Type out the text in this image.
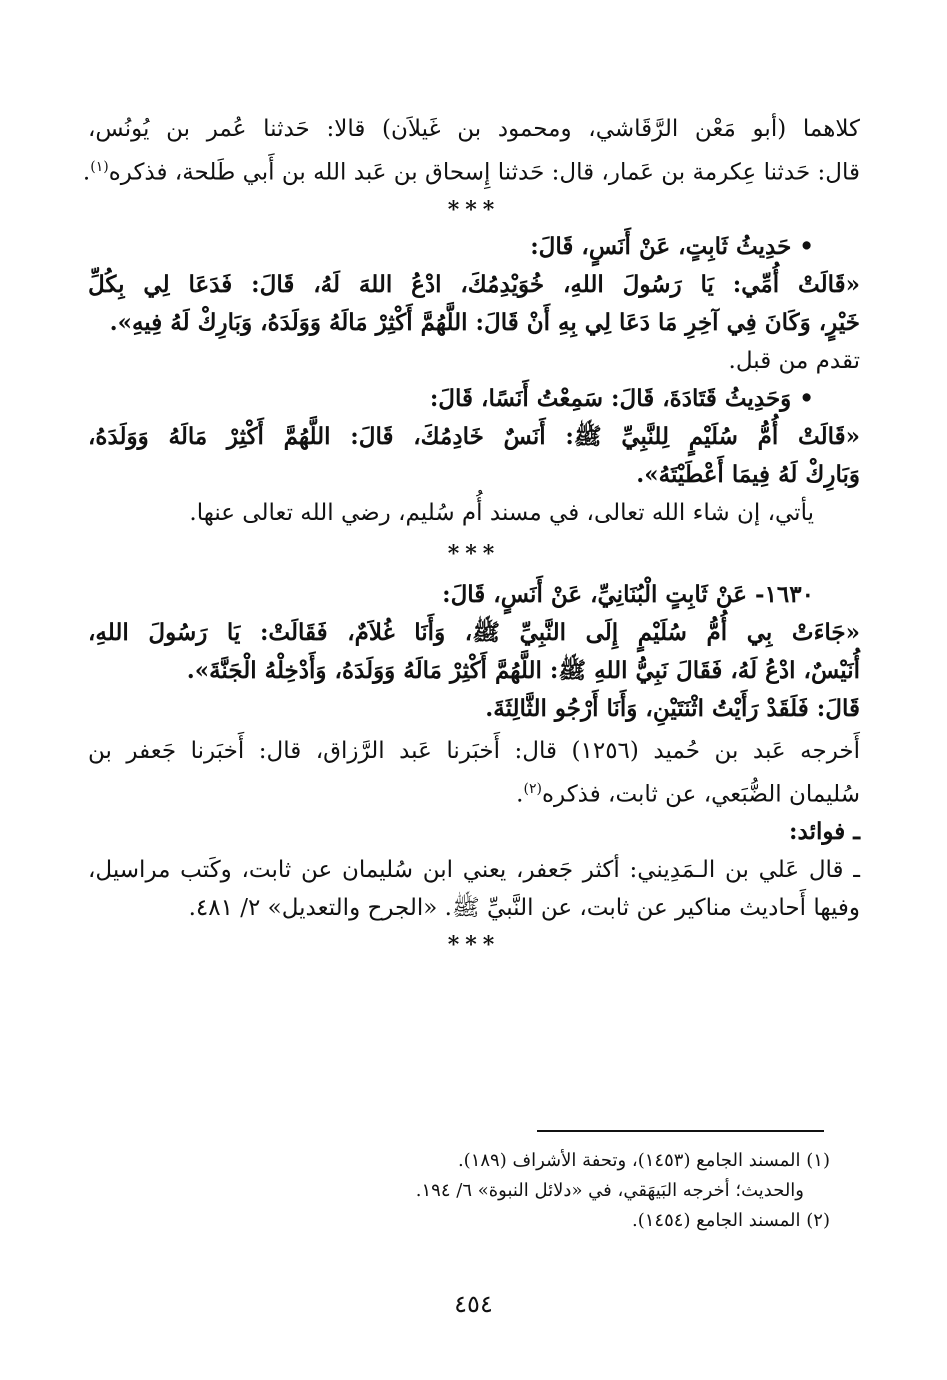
كلاهما (أبو مَعْن الرَّقَاشي، ومحمود بن غَيلاَن) قالا: حَدثنا عُمر بن يُونُس،
قال: حَدثنا عِكرمة بن عَمار، قال: حَدثنا إِسحاق بن عَبد الله بن أَبي طَلحة، فذكره$^{(١)}$.
***
• حَدِيثُ ثَابِتٍ، عَنْ أَنَسٍ، قَالَ:
«قَالَتْ أُمِّي: يَا رَسُولَ اللهِ، خُوَيْدِمُكَ، ادْعُ اللهَ لَهُ، قَالَ: فَدَعَا لِي بِكُلِّ
خَيْرٍ، وَكَانَ فِي آخِرِ مَا دَعَا لِي بِهِ أَنْ قَالَ: اللَّهُمَّ أَكْثِرْ مَالَهُ وَوَلَدَهُ، وَبَارِكْ لَهُ فِيهِ».
تقدم من قبل.
• وَحَدِيثُ قَتَادَةَ، قَالَ: سَمِعْتُ أَنَسًا، قَالَ:
«قَالَتْ أُمُّ سُلَيْمٍ لِلنَّبِيِّ ﷺ: أَنَسٌ خَادِمُكَ، قَالَ: اللَّهُمَّ أَكْثِرْ مَالَهُ وَوَلَدَهُ،
وَبَارِكْ لَهُ فِيمَا أَعْطَيْتَهُ».
يأتي، إن شاء الله تعالى، في مسند أُم سُليم، رضي الله تعالى عنها.
***
١٦٣٠- عَنْ ثَابِتٍ الْبُنَانِيِّ، عَنْ أَنَسٍ، قَالَ:
«جَاءَتْ بِي أُمُّ سُلَيْمٍ إِلَى النَّبِيِّ ﷺ، وَأَنَا غُلاَمٌ، فَقَالَتْ: يَا رَسُولَ اللهِ،
أُنَيْسٌ، ادْعُ لَهُ، فَقَالَ نَبِيُّ اللهِ ﷺ: اللَّهُمَّ أَكْثِرْ مَالَهُ وَوَلَدَهُ، وَأَدْخِلْهُ الْجَنَّةَ».
قَالَ: فَلَقَدْ رَأَيْتُ اثْنَتَيْنِ، وَأَنَا أَرْجُو الثَّالِثَةَ.
أَخرجه عَبد بن حُميد (١٢٥٦) قال: أَخبَرنا عَبد الرَّزاق، قال: أَخبَرنا جَعفر بن
سُليمان الضُّبَعي، عن ثابت، فذكره$^{(٢)}$.
ـ فوائد:
ـ قال عَلي بن الـمَدِيني: أكثر جَعفر، يعني ابن سُليمان عن ثابت، وكَتب مراسيل،
وفيها أَحاديث مناكير عن ثابت، عن النَّبيِّ ﷺ. «الجرح والتعديل» ٢/ ٤٨١.
***
(١) المسند الجامع (١٤٥٣)، وتحفة الأشراف (١٨٩).
والحديث؛ أخرجه البَيهَقي، في «دلائل النبوة» ٦/ ١٩٤.
(٢) المسند الجامع (١٤٥٤).
٤٥٤
